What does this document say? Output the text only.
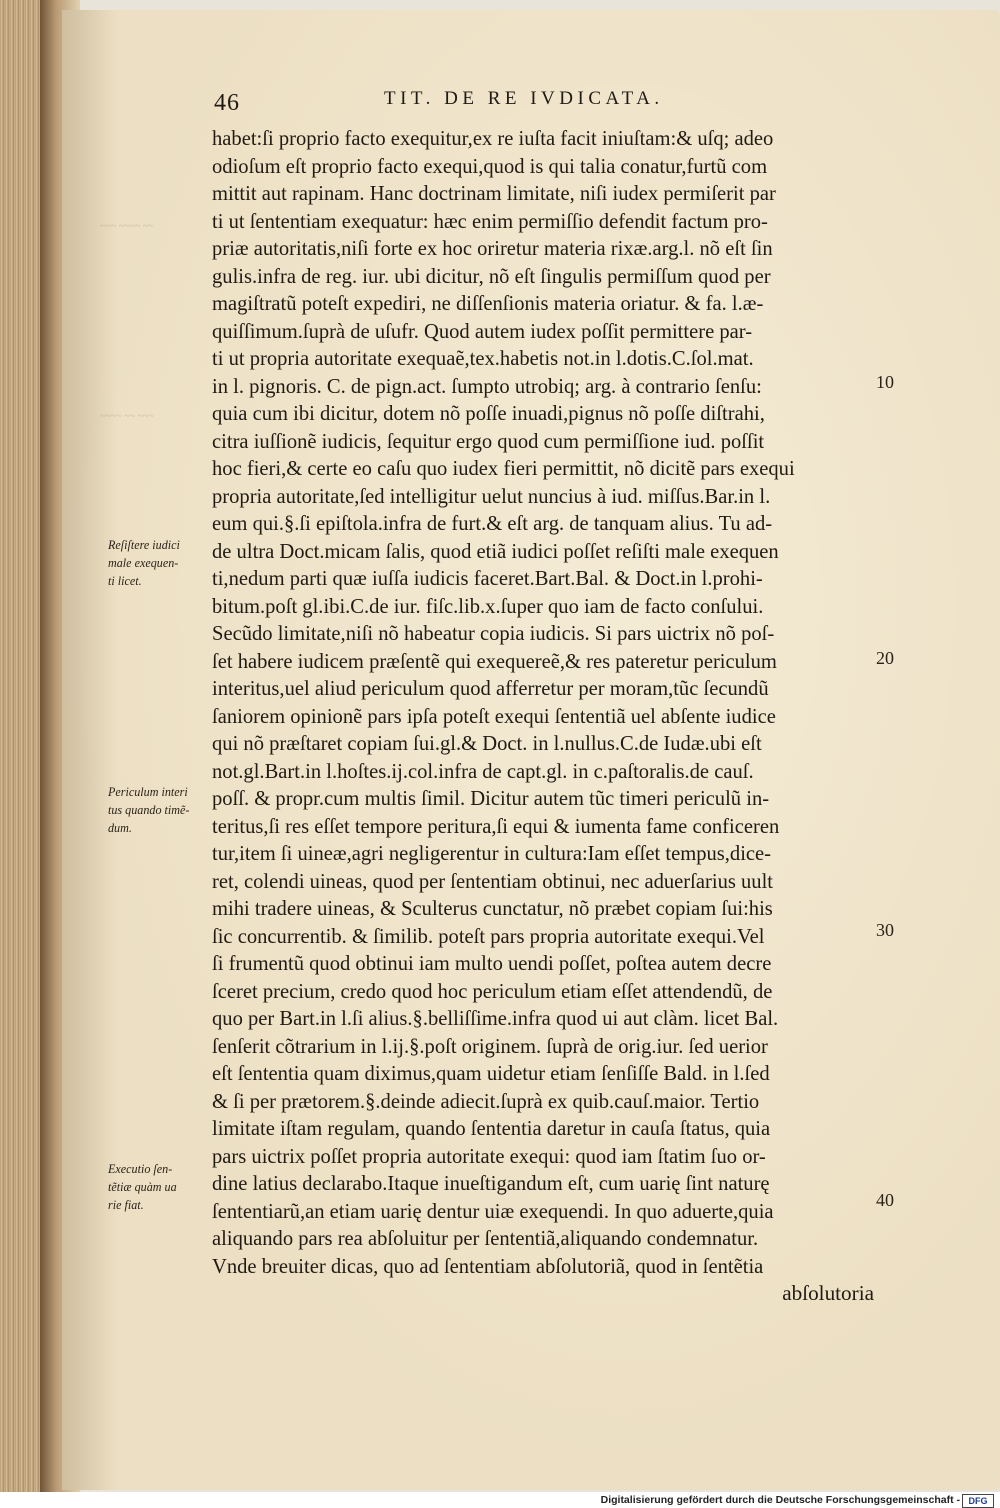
~~~ ~~~~ ~~
~~~~ ~~ ~~~
46	TIT. DE RE IVDICATA.
habet:ſi proprio facto exequitur,ex re iuſta facit iniuſtam:& uſq; adeo
odioſum eſt proprio facto exequi,quod is qui talia conatur,furtũ com
mittit aut rapinam. Hanc doctrinam limitate, niſi iudex permiſerit par
ti ut ſententiam exequatur: hæc enim permiſſio defendit factum pro-
priæ autoritatis,niſi forte ex hoc oriretur materia rixæ.arg.l. nõ eſt ſin
gulis.infra de reg. iur. ubi dicitur, nõ eſt ſingulis permiſſum quod per
magiſtratũ poteſt expediri, ne diſſenſionis materia oriatur. & fa. l.æ-
quiſſimum.ſuprà de uſufr. Quod autem iudex poſſit permittere par-
ti ut propria autoritate exequaẽ,tex.habetis not.in l.dotis.C.ſol.mat.
in l. pignoris. C. de pign.act. ſumpto utrobiq; arg. à contrario ſenſu:
quia cum ibi dicitur, dotem nõ poſſe inuadi,pignus nõ poſſe diſtrahi,
citra iuſſionẽ iudicis, ſequitur ergo quod cum permiſſione iud. poſſit
hoc fieri,& certe eo caſu quo iudex fieri permittit, nõ dicitẽ pars exequi
propria autoritate,ſed intelligitur uelut nuncius à iud. miſſus.Bar.in l.
eum qui.§.ſi epiſtola.infra de furt.& eſt arg. de tanquam alius. Tu ad-
de ultra Doct.micam ſalis, quod etiã iudici poſſet reſiſti male exequen
ti,nedum parti quæ iuſſa iudicis faceret.Bart.Bal. & Doct.in l.prohi-
bitum.poſt gl.ibi.C.de iur. fiſc.lib.x.ſuper quo iam de facto conſului.
Secũdo limitate,niſi nõ habeatur copia iudicis. Si pars uictrix nõ poſ-
ſet habere iudicem præſentẽ qui exequereẽ,& res pateretur periculum
interitus,uel aliud periculum quod afferretur per moram,tũc ſecundũ
ſaniorem opinionẽ pars ipſa poteſt exequi ſententiã uel abſente iudice
qui nõ præſtaret copiam ſui.gl.& Doct. in l.nullus.C.de Iudæ.ubi eſt
not.gl.Bart.in l.hoſtes.ij.col.infra de capt.gl. in c.paſtoralis.de cauſ.
poſſ. & propr.cum multis ſimil. Dicitur autem tũc timeri periculũ in-
teritus,ſi res eſſet tempore peritura,ſi equi & iumenta fame conficeren
tur,item ſi uineæ,agri negligerentur in cultura:Iam eſſet tempus,dice-
ret, colendi uineas, quod per ſententiam obtinui, nec aduerſarius uult
mihi tradere uineas, & Sculterus cunctatur, nõ præbet copiam ſui:his
ſic concurrentib. & ſimilib. poteſt pars propria autoritate exequi.Vel
ſi frumentũ quod obtinui iam multo uendi poſſet, poſtea autem decre
ſceret precium, credo quod hoc periculum etiam eſſet attendendũ, de
quo per Bart.in l.ſi alius.§.belliſſime.infra quod ui aut clàm. licet Bal.
ſenſerit cõtrarium in l.ij.§.poſt originem. ſuprà de orig.iur. ſed uerior
eſt ſententia quam diximus,quam uidetur etiam ſenſiſſe Bald. in l.ſed
& ſi per prætorem.§.deinde adiecit.ſuprà ex quib.cauſ.maior. Tertio
limitate iſtam regulam, quando ſententia daretur in cauſa ſtatus, quia
pars uictrix poſſet propria autoritate exequi: quod iam ſtatim ſuo or-
dine latius declarabo.Itaque inueſtigandum eſt, cum uarię ſint naturę
ſententiarũ,an etiam uarię dentur uiæ exequendi. In quo aduerte,quia
aliquando pars rea abſoluitur per ſententiã,aliquando condemnatur.
Vnde breuiter dicas, quo ad ſententiam abſolutoriã, quod in ſentẽtia
abſolutoria
Reſiſtere iudici
male exequen-
ti licet.
Periculum interi
tus quando timẽ-
dum.
Executio ſen-
tẽtiæ quàm ua
rie fiat.
10
20
30
40
Digitalisierung gefördert durch die Deutsche Forschungsgemeinschaft - DFG
